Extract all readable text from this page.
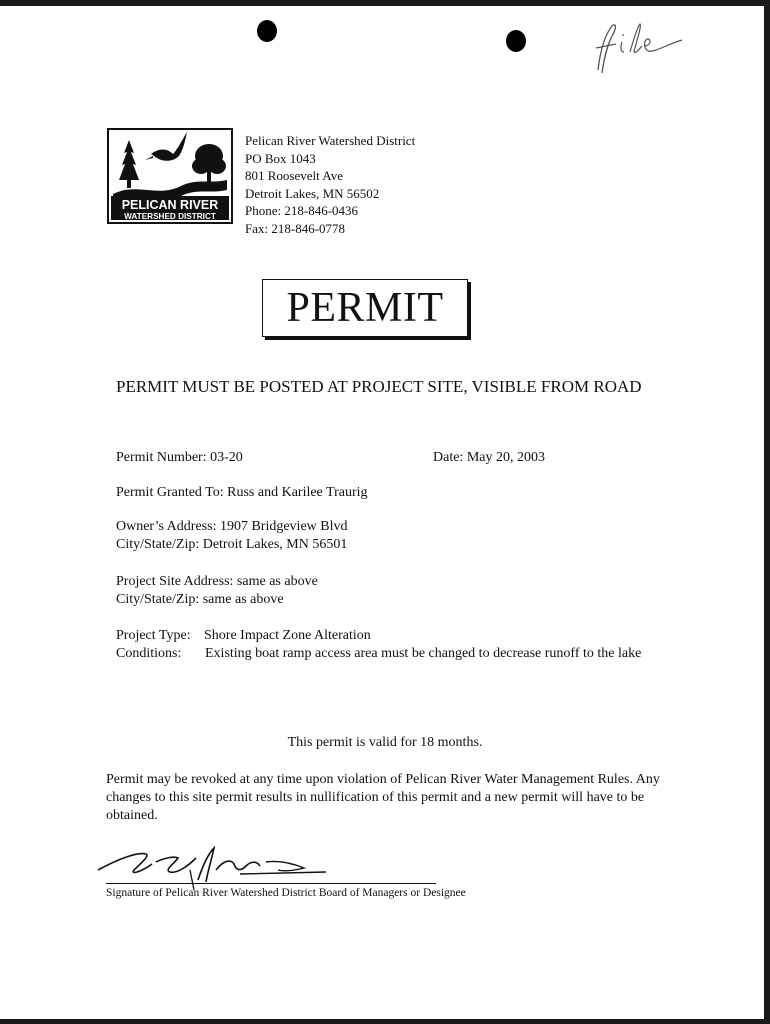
PELICAN RIVER
WATERSHED DISTRICT
Pelican River Watershed District
PO Box 1043
801 Roosevelt Ave
Detroit Lakes, MN 56502
Phone: 218-846-0436
Fax: 218-846-0778
PERMIT
PERMIT MUST BE POSTED AT PROJECT SITE, VISIBLE FROM ROAD
Permit Number: 03-20	Date: May 20, 2003
Permit Granted To: Russ and Karilee Traurig
Owner’s Address: 1907 Bridgeview Blvd
City/State/Zip: Detroit Lakes, MN 56501
Project Site Address: same as above
City/State/Zip: same as above
Project Type: Shore Impact Zone Alteration
Conditions: Existing boat ramp access area must be changed to decrease runoff to the lake
This permit is valid for 18 months.
Permit may be revoked at any time upon violation of Pelican River Water Management Rules. Any changes to this site permit results in nullification of this permit and a new permit will have to be obtained.
Signature of Pelican River Watershed District Board of Managers or Designee
